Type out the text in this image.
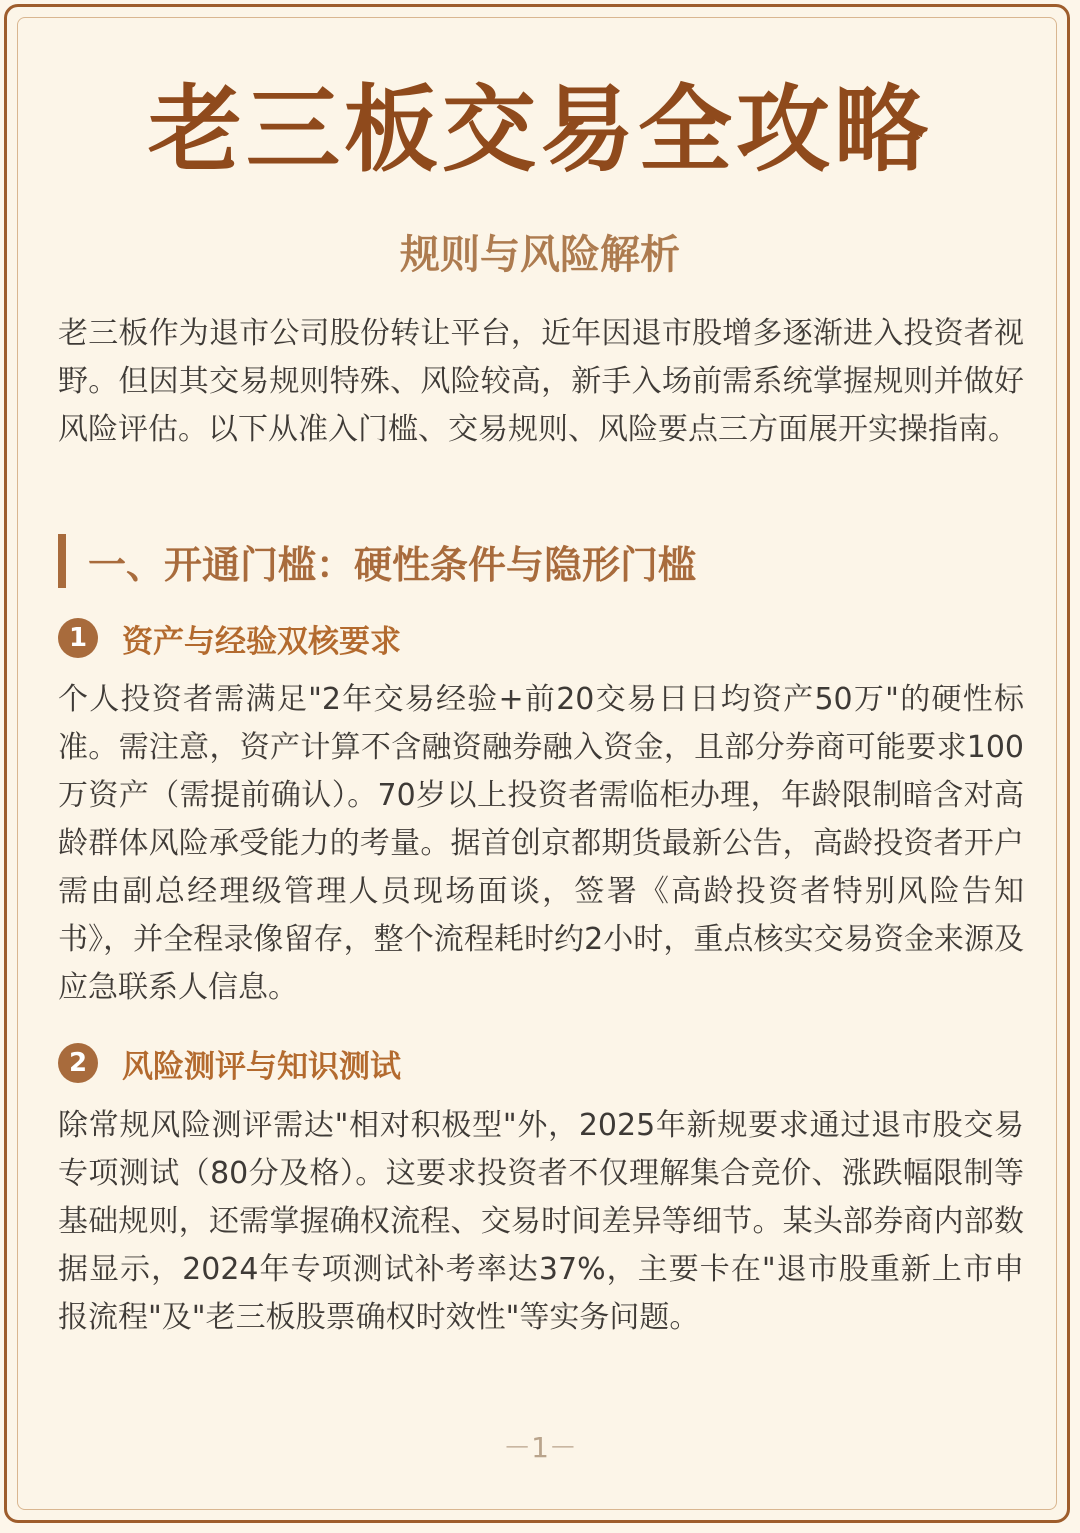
老三板交易全攻略
规则与风险解析

老三板作为退市公司股份转让平台，近年因退市股增多逐渐进入投资者视野。但因其交易规则特殊、风险较高，新手入场前需系统掌握规则并做好风险评估。以下从准入门槛、交易规则、风险要点三方面展开实操指南。

一、开通门槛：硬性条件与隐形门槛
1	资产与经验双核要求

个人投资者需满足"2年交易经验+前20交易日日均资产50万"的硬性标准。需注意，资产计算不含融资融券融入资金，且部分券商可能要求100万资产（需提前确认）。70岁以上投资者需临柜办理，年龄限制暗含对高龄群体风险承受能力的考量。据首创京都期货最新公告，高龄投资者开户需由副总经理级管理人员现场面谈，签署《高龄投资者特别风险告知书》，并全程录像留存，整个流程耗时约2小时，重点核实交易资金来源及应急联系人信息。

2	风险测评与知识测试

除常规风险测评需达"相对积极型"外，2025年新规要求通过退市股交易专项测试（80分及格）。这要求投资者不仅理解集合竞价、涨跌幅限制等基础规则，还需掌握确权流程、交易时间差异等细节。某头部券商内部数据显示，2024年专项测试补考率达37%，主要卡在"退市股重新上市申报流程"及"老三板股票确权时效性"等实务问题。

－1－
